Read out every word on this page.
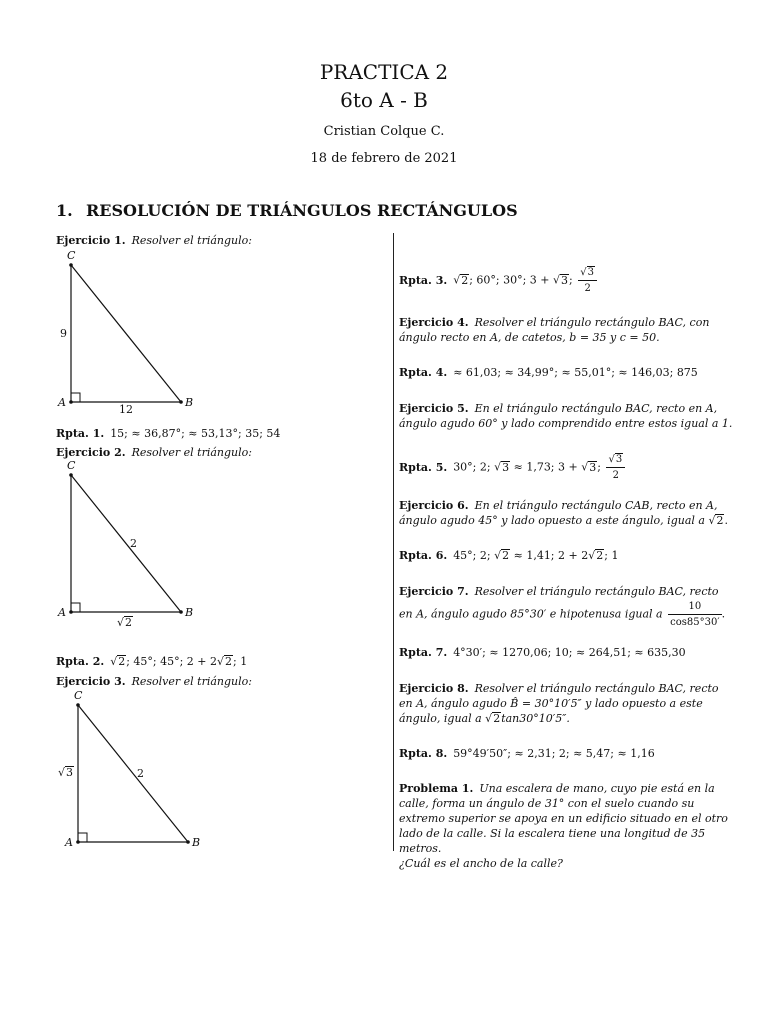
PRACTICA 2
6to A - B
Cristian Colque C.
18 de febrero de 2021
1. RESOLUCIÓN DE TRIÁNGULOS RECTÁNGULOS
Ejercicio 1. Resolver el triángulo:
C
A	B
9
12
Rpta. 1. 15; ≈ 36,87°; ≈ 53,13°; 35; 54
Ejercicio 2. Resolver el triángulo:
C
A	B
2
√2
Rpta. 2. √2; 45°; 45°; 2 + 2√2; 1
Ejercicio 3. Resolver el triángulo:
C
A	B
√3	2
Rpta. 3. √2; 60°; 30°; 3 + √3; $\frac{√3}{2}$
Ejercicio 4. Resolver el triángulo rectángulo BAC, con ángulo recto en A, de catetos, b = 35 y c = 50.
Rpta. 4. ≈ 61,03; ≈ 34,99°; ≈ 55,01°; ≈ 146,03; 875
Ejercicio 5. En el triángulo rectángulo BAC, recto en A, ángulo agudo 60° y lado comprendido entre estos igual a 1.
Rpta. 5. 30°; 2; √3 ≈ 1,73; 3 + √3; $\frac{√3}{2}$
Ejercicio 6. En el triángulo rectángulo CAB, recto en A, ángulo agudo 45° y lado opuesto a este ángulo, igual a √2.
Rpta. 6. 45°; 2; √2 ≈ 1,41; 2 + 2√2; 1
Ejercicio 7. Resolver el triángulo rectángulo BAC, recto en A, ángulo agudo 85°30′ e hipotenusa igual a $\frac{10}{\cos 85^\circ 30'}$ .
Rpta. 7. 4°30′; ≈ 1270,06; 10; ≈ 264,51; ≈ 635,30
Ejercicio 8. Resolver el triángulo rectángulo BAC, recto en A, ángulo agudo B̂ = 30°10′5″ y lado opuesto a este ángulo, igual a √2tan30°10′5″.
Rpta. 8. 59°49′50″; ≈ 2,31; 2; ≈ 5,47; ≈ 1,16
Problema 1. Una escalera de mano, cuyo pie está en la calle, forma un ángulo de 31° con el suelo cuando su extremo superior se apoya en un edificio situado en el otro lado de la calle. Si la escalera tiene una longitud de 35 metros.
¿Cuál es el ancho de la calle?
